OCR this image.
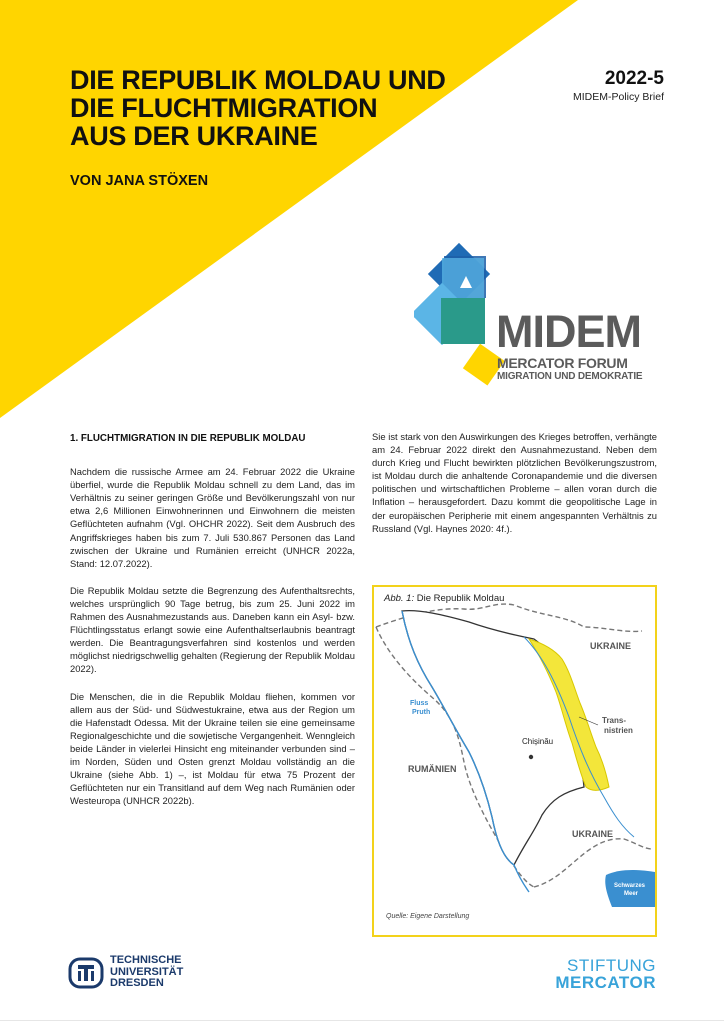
DIE REPUBLIK MOLDAU UND
DIE FLUCHTMIGRATION
AUS DER UKRAINE
VON JANA STÖXEN
2022-5
MIDEM-Policy Brief
MIDEM
MERCATOR FORUM
MIGRATION UND DEMOKRATIE
1. FLUCHTMIGRATION IN DIE REPUBLIK MOLDAU

Nachdem die russische Armee am 24. Februar 2022 die Ukraine überfiel, wurde die Republik Moldau schnell zu dem Land, das im Verhältnis zu seiner geringen Größe und Bevölkerungszahl von nur etwa 2,6 Millionen Einwohnerinnen und Einwohnern die meisten Geflüchteten aufnahm (Vgl. OHCHR 2022). Seit dem Ausbruch des Angriffskrieges haben bis zum 7. Juli 530.867 Personen das Land zwischen der Ukraine und Rumänien erreicht (UNHCR 2022a, Stand: 12.07.2022).

Die Republik Moldau setzte die Begrenzung des Aufenthaltsrechts, welches ursprünglich 90 Tage betrug, bis zum 25. Juni 2022 im Rahmen des Ausnahmezustands aus. Daneben kann ein Asyl- bzw. Flüchtlingsstatus erlangt sowie eine Aufenthaltserlaubnis beantragt werden. Die Beantragungsverfahren sind kostenlos und werden möglichst niedrigschwellig gehalten (Regierung der Republik Moldau 2022).

Die Menschen, die in die Republik Moldau fliehen, kommen vor allem aus der Süd- und Südwestukraine, etwa aus der Region um die Hafenstadt Odessa. Mit der Ukraine teilen sie eine gemeinsame Regionalgeschichte und die sowjetische Vergangenheit. Wenngleich beide Länder in vielerlei Hinsicht eng miteinander verbunden sind – im Norden, Süden und Osten grenzt Moldau vollständig an die Ukraine (siehe Abb. 1) –, ist Moldau für etwa 75 Prozent der Geflüchteten nur ein Transitland auf dem Weg nach Rumänien oder Westeuropa (UNHCR 2022b).

Sie ist stark von den Auswirkungen des Krieges betroffen, verhängte am 24. Februar 2022 direkt den Ausnahmezustand. Neben dem durch Krieg und Flucht bewirkten plötzlichen Bevölkerungszustrom, ist Moldau durch die anhaltende Coronapandemie und die diversen politischen und wirtschaftlichen Probleme – allen voran durch die Inflation – herausgefordert. Dazu kommt die geopolitische Lage in der europäischen Peripherie mit einem angespannten Verhältnis zu Russland (Vgl. Haynes 2020: 4f.).

UKRAINE
UKRAINE
RUMÄNIEN
Chișinău
Fluss
Pruth
Trans-
nistrien
Schwarzes
Meer
Abb. 1: Die Republik Moldau
Quelle: Eigene Darstellung
TECHNISCHE
UNIVERSITÄT
DRESDEN
STIFTUNG
MERCATOR
